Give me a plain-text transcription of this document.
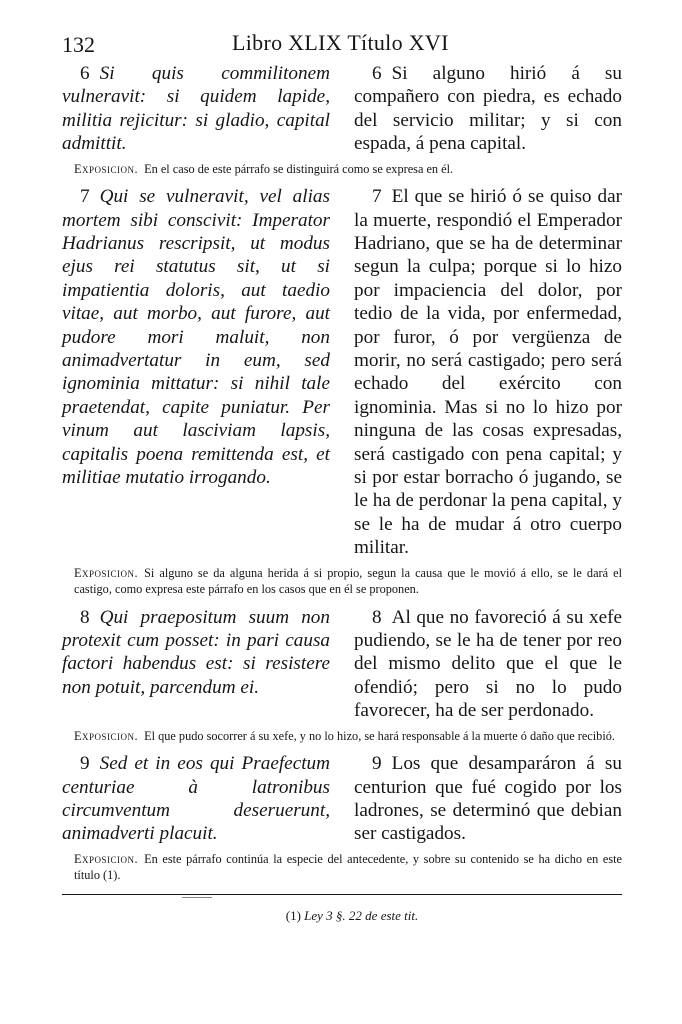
132	Libro XLIX Título XVI
6 Si quis commilitonem vulneravit: si quidem lapide, militia rejicitur: si gladio, capital admittit.
6 Si alguno hirió á su compañero con piedra, es echado del servicio militar; y si con espada, á pena capital.
Exposicion. En el caso de este párrafo se distinguirá como se expresa en él.
7 Qui se vulneravit, vel alias mortem sibi conscivit: Imperator Hadrianus rescripsit, ut modus ejus rei statutus sit, ut si impatientia doloris, aut taedio vitae, aut morbo, aut furore, aut pudore mori maluit, non animadvertatur in eum, sed ignominia mittatur: si nihil tale praetendat, capite puniatur. Per vinum aut lasciviam lapsis, capitalis poena remittenda est, et militiae mutatio irrogando.
7 El que se hirió ó se quiso dar la muerte, respondió el Emperador Hadriano, que se ha de determinar segun la culpa; porque si lo hizo por impaciencia del dolor, por tedio de la vida, por enfermedad, por furor, ó por vergüenza de morir, no será castigado; pero será echado del exército con ignominia. Mas si no lo hizo por ninguna de las cosas expresadas, será castigado con pena capital; y si por estar borracho ó jugando, se le ha de perdonar la pena capital, y se le ha de mudar á otro cuerpo militar.
Exposicion. Si alguno se da alguna herida á si propio, segun la causa que le movió á ello, se le dará el castigo, como expresa este párrafo en los casos que en él se proponen.
8 Qui praepositum suum non protexit cum posset: in pari causa factori habendus est: si resistere non potuit, parcendum ei.
8 Al que no favoreció á su xefe pudiendo, se le ha de tener por reo del mismo delito que el que le ofendió; pero si no lo pudo favorecer, ha de ser perdonado.
Exposicion. El que pudo socorrer á su xefe, y no lo hizo, se hará responsable á la muerte ó daño que recibió.
9 Sed et in eos qui Praefectum centuriae à latronibus circumventum deseruerunt, animadverti placuit.
9 Los que desamparáron á su centurion que fué cogido por los ladrones, se determinó que debian ser castigados.
Exposicion. En este párrafo continúa la especie del antecedente, y sobre su contenido se ha dicho en este título (1).
(1) Ley 3 §. 22 de este tit.
